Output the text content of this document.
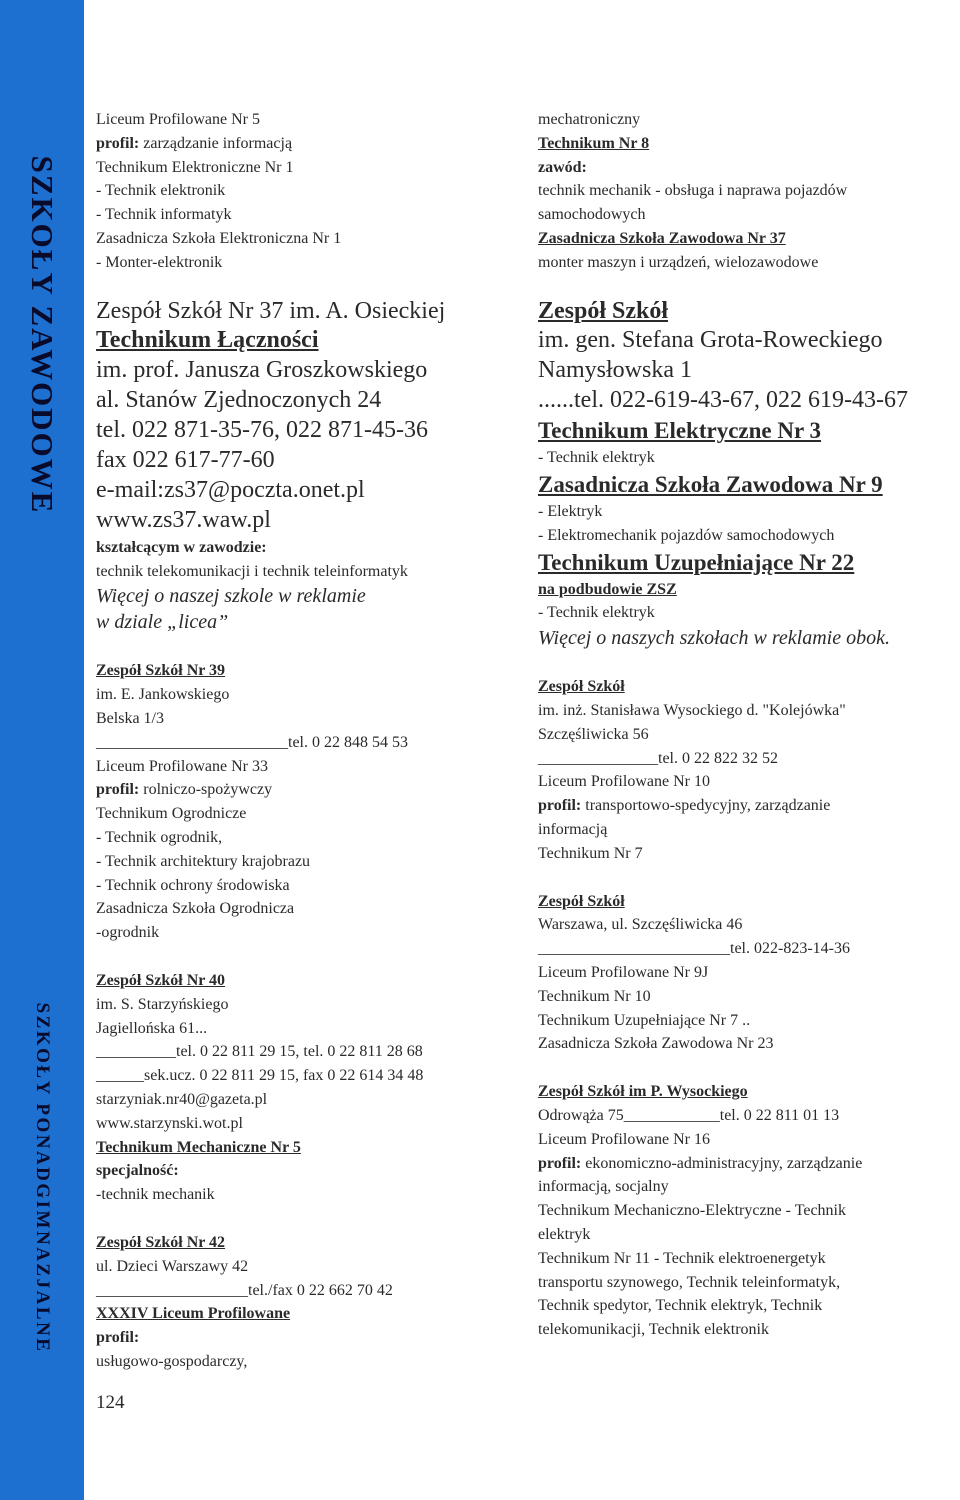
SZKOŁY ZAWODOWE
SZKOŁY PONADGIMNAZJALNE
Liceum Profilowane Nr 5
profil: zarządzanie informacją
Technikum Elektroniczne Nr 1
- Technik elektronik
- Technik informatyk
Zasadnicza Szkoła Elektroniczna Nr 1
- Monter-elektronik
Zespół Szkół Nr 37 im. A. Osieckiej
Technikum Łączności
im. prof. Janusza Groszkowskiego
al. Stanów Zjednoczonych 24
tel. 022 871-35-76, 022 871-45-36
fax 022 617-77-60
e-mail:zs37@poczta.onet.pl
www.zs37.waw.pl
kształcącym w zawodzie:
technik telekomunikacji i technik teleinformatyk
Więcej o naszej szkole w reklamie
w dziale „licea”
Zespół Szkół Nr 39
im. E. Jankowskiego
Belska 1/3
________________________tel. 0 22 848 54 53
Liceum Profilowane Nr 33
profil: rolniczo-spożywczy
Technikum Ogrodnicze
- Technik ogrodnik,
- Technik architektury krajobrazu
- Technik ochrony środowiska
Zasadnicza Szkoła Ogrodnicza
-ogrodnik
Zespół Szkół Nr 40
im. S. Starzyńskiego
Jagiellońska 61...
__________tel. 0 22 811 29 15, tel. 0 22 811 28 68
______sek.ucz. 0 22 811 29 15, fax 0 22 614 34 48
starzyniak.nr40@gazeta.pl
www.starzynski.wot.pl
Technikum Mechaniczne Nr 5
specjalność:
-technik mechanik
Zespół Szkół Nr 42
ul. Dzieci Warszawy 42
___________________tel./fax 0 22 662 70 42
XXXIV Liceum Profilowane
profil:
usługowo-gospodarczy,
124
mechatroniczny
Technikum Nr 8
zawód:
technik mechanik - obsługa i naprawa pojazdów
samochodowych
Zasadnicza Szkoła Zawodowa Nr 37
monter maszyn i urządzeń, wielozawodowe
Zespół Szkół
im. gen. Stefana Grota-Roweckiego
Namysłowska 1
......tel. 022-619-43-67, 022 619-43-67
Technikum Elektryczne Nr 3
- Technik elektryk
Zasadnicza Szkoła Zawodowa Nr 9
- Elektryk
- Elektromechanik pojazdów samochodowych
Technikum Uzupełniające Nr 22
na podbudowie ZSZ
- Technik elektryk
Więcej o naszych szkołach w reklamie obok.
Zespół Szkół
im. inż. Stanisława Wysockiego d. "Kolejówka"
Szczęśliwicka 56
_______________tel. 0 22 822 32 52
Liceum Profilowane Nr 10
profil: transportowo-spedycyjny, zarządzanie
informacją
Technikum Nr 7
Zespół Szkół
Warszawa, ul. Szczęśliwicka 46
________________________tel. 022-823-14-36
Liceum Profilowane Nr 9J
Technikum Nr 10
Technikum Uzupełniające Nr 7 ..
Zasadnicza Szkoła Zawodowa Nr 23
Zespół Szkół im P. Wysockiego
Odrowąża 75____________tel. 0 22 811 01 13
Liceum Profilowane Nr 16
profil: ekonomiczno-administracyjny, zarządzanie
informacją, socjalny
Technikum Mechaniczno-Elektryczne - Technik
elektryk
Technikum Nr 11 - Technik elektroenergetyk
transportu szynowego, Technik teleinformatyk,
Technik spedytor, Technik elektryk, Technik
telekomunikacji, Technik elektronik
